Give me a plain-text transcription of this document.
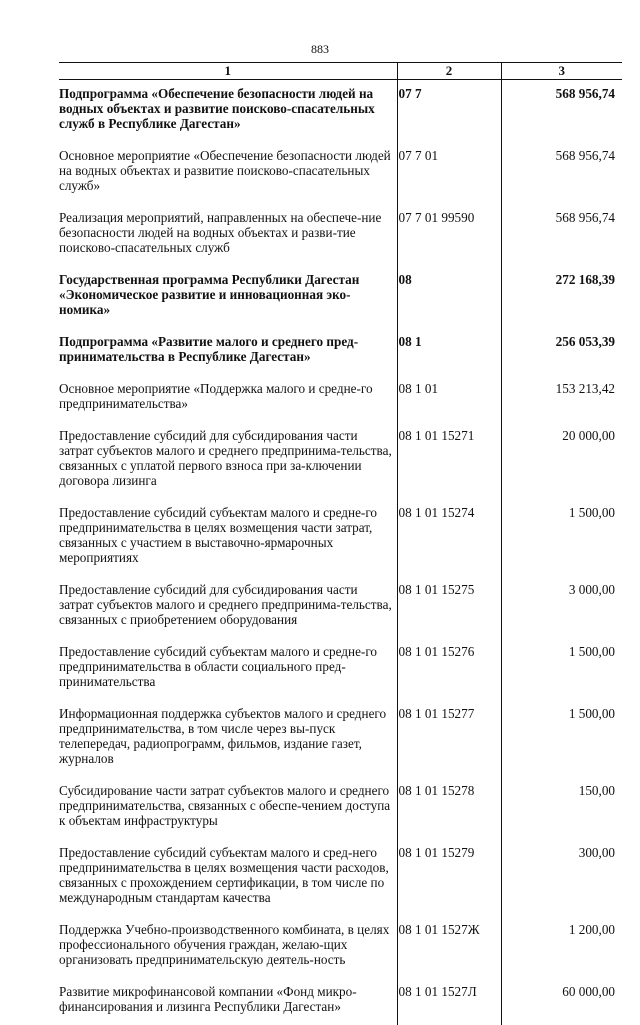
883
1	2	3
Подпрограмма «Обеспечение безопасности людей на водных объектах и развитие поисково-спасательных служб в Республике Дагестан»	07 7	568 956,74
Основное мероприятие «Обеспечение безопасности людей на водных объектах и развитие поисково-спасательных служб»	07 7 01	568 956,74
Реализация мероприятий, направленных на обеспече-ние безопасности людей на водных объектах и разви-тие поисково-спасательных служб	07 7 01 99590	568 956,74
Государственная программа Республики Дагестан «Экономическое развитие и инновационная эко-номика»	08	272 168,39
Подпрограмма «Развитие малого и среднего пред-принимательства в Республике Дагестан»	08 1	256 053,39
Основное мероприятие «Поддержка малого и средне-го предпринимательства»	08 1 01	153 213,42
Предоставление субсидий для субсидирования части затрат субъектов малого и среднего предпринима-тельства, связанных с уплатой первого взноса при за-ключении договора лизинга	08 1 01 15271	20 000,00
Предоставление субсидий субъектам малого и средне-го предпринимательства в целях возмещения части затрат, связанных с участием в выставочно-ярмарочных мероприятиях	08 1 01 15274	1 500,00
Предоставление субсидий для субсидирования части затрат субъектов малого и среднего предпринима-тельства, связанных с приобретением оборудования	08 1 01 15275	3 000,00
Предоставление субсидий субъектам малого и средне-го предпринимательства в области социального пред-принимательства	08 1 01 15276	1 500,00
Информационная поддержка субъектов малого и среднего предпринимательства, в том числе через вы-пуск телепередач, радиопрограмм, фильмов, издание газет, журналов	08 1 01 15277	1 500,00
Субсидирование части затрат субъектов малого и среднего предпринимательства, связанных с обеспе-чением доступа к объектам инфраструктуры	08 1 01 15278	150,00
Предоставление субсидий субъектам малого и сред-него предпринимательства в целях возмещения части расходов, связанных с прохождением сертификации, в том числе по международным стандартам качества	08 1 01 15279	300,00
Поддержка Учебно-производственного комбината, в целях профессионального обучения граждан, желаю-щих организовать предпринимательскую деятель-ность	08 1 01 1527Ж	1 200,00
Развитие микрофинансовой компании «Фонд микро-финансирования и лизинга Республики Дагестан»	08 1 01 1527Л	60 000,00
